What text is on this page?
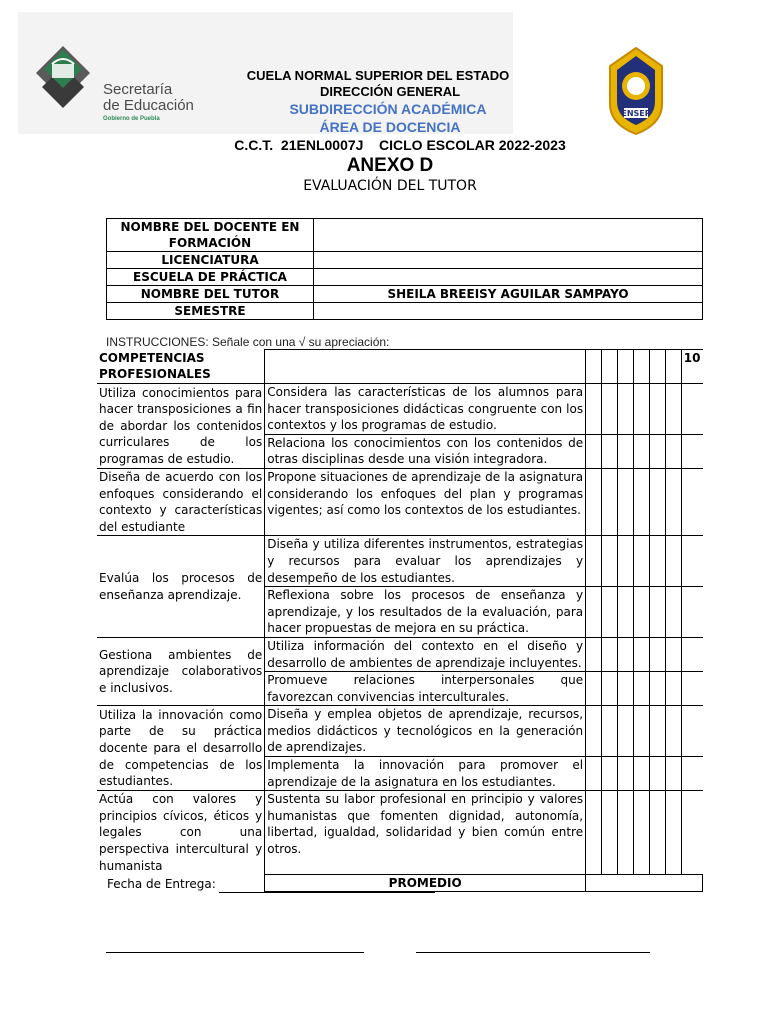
Secretaría
de Educación
Gobierno de Puebla
ENSEP
CUELA NORMAL SUPERIOR DEL ESTADO
DIRECCIÓN GENERAL
SUBDIRECCIÓN ACADÉMICA
ÁREA DE DOCENCIA
C.C.T.  21ENL0007J    CICLO ESCOLAR 2022-2023
ANEXO D
EVALUACIÓN DEL TUTOR
NOMBRE DEL DOCENTE EN FORMACIÓN	
LICENCIATURA	
ESCUELA DE PRÁCTICA	
NOMBRE DEL TUTOR	SHEILA BREEISY AGUILAR SAMPAYO
SEMESTRE	
INSTRUCCIONES: Señale con una √ su apreciación:
COMPETENCIAS PROFESIONALES								10
Utiliza conocimientos para hacer transposiciones a fin de abordar los contenidos curriculares de los programas de estudio.	Considera las características de los alumnos para hacer transposiciones didácticas congruente con los contextos y los programas de estudio.							
	Relaciona los conocimientos con los contenidos de otras disciplinas desde una visión integradora.							
Diseña de acuerdo con los enfoques considerando el contexto y características del estudiante	Propone situaciones de aprendizaje de la asignatura considerando los enfoques del plan y programas vigentes; así como los contextos de los estudiantes.							
Evalúa los procesos de enseñanza aprendizaje.	Diseña y utiliza diferentes instrumentos, estrategias y recursos para evaluar los aprendizajes y desempeño de los estudiantes.							
	Reflexiona sobre los procesos de enseñanza y aprendizaje, y los resultados de la evaluación, para hacer propuestas de mejora en su práctica.							
Gestiona ambientes de aprendizaje colaborativos e inclusivos.	Utiliza información del contexto en el diseño y desarrollo de ambientes de aprendizaje incluyentes.							
	Promueve relaciones interpersonales que favorezcan convivencias interculturales.							
Utiliza la innovación como parte de su práctica docente para el desarrollo de competencias de los estudiantes.	Diseña y emplea objetos de aprendizaje, recursos, medios didácticos y tecnológicos en la generación de aprendizajes.							
	Implementa la innovación para promover el aprendizaje de la asignatura en los estudiantes.							
Actúa con valores y principios cívicos, éticos y legales con una perspectiva intercultural y humanista	Sustenta su labor profesional en principio y valores humanistas que fomenten dignidad, autonomía, libertad, igualdad, solidaridad y bien común entre otros.							
	PROMEDIO							
Fecha de Entrega:
